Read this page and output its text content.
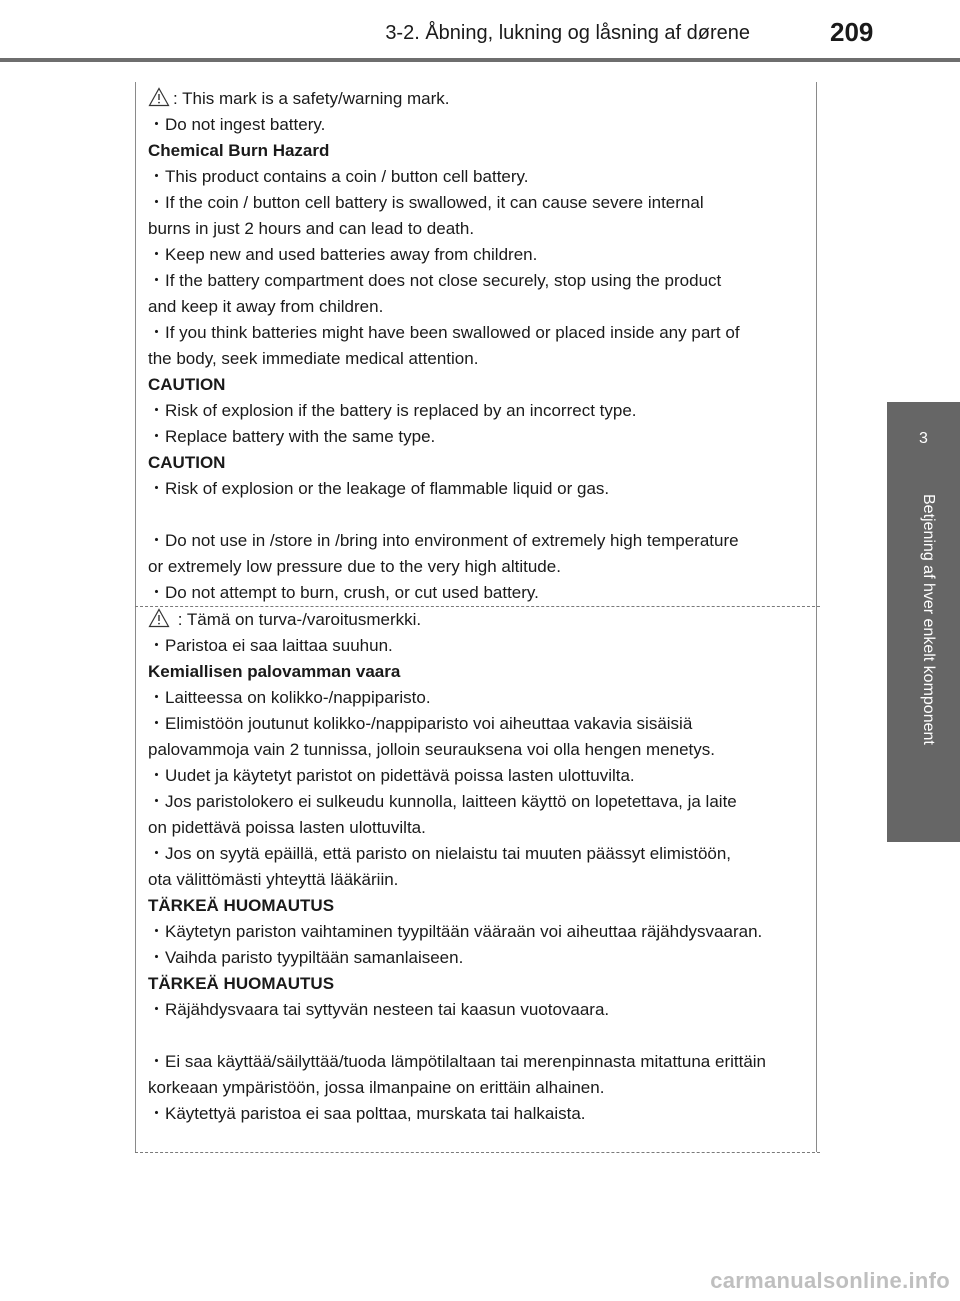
3-2. Åbning, lukning og låsning af dørene	209
3
Betjening af hver enkelt komponent
: This mark is a safety/warning mark.
・Do not ingest battery.
Chemical Burn Hazard
・This product contains a coin / button cell battery.
・If the coin / button cell battery is swallowed, it can cause severe internal
burns in just 2 hours and can lead to death.
・Keep new and used batteries away from children.
・If the battery compartment does not close securely, stop using the product
and keep it away from children.
・If you think batteries might have been swallowed or placed inside any part of
the body, seek immediate medical attention.
CAUTION
・Risk of explosion if the battery is replaced by an incorrect type.
・Replace battery with the same type.
CAUTION
・Risk of explosion or the leakage of flammable liquid or gas.
・Do not use in /store in /bring into environment of extremely high temperature
or extremely low pressure due to the very high altitude.
・Do not attempt to burn, crush, or cut used battery.
: Tämä on turva-/varoitusmerkki.
・Paristoa ei saa laittaa suuhun.
Kemiallisen palovamman vaara
・Laitteessa on kolikko-/nappiparisto.
・Elimistöön joutunut kolikko-/nappiparisto voi aiheuttaa vakavia sisäisiä
palovammoja vain 2 tunnissa, jolloin seurauksena voi olla hengen menetys.
・Uudet ja käytetyt paristot on pidettävä poissa lasten ulottuvilta.
・Jos paristolokero ei sulkeudu kunnolla, laitteen käyttö on lopetettava, ja laite
on pidettävä poissa lasten ulottuvilta.
・Jos on syytä epäillä, että paristo on nielaistu tai muuten päässyt elimistöön,
ota välittömästi yhteyttä lääkäriin.
TÄRKEÄ HUOMAUTUS
・Käytetyn pariston vaihtaminen tyypiltään vääraän voi aiheuttaa räjähdysvaaran.
・Vaihda paristo tyypiltään samanlaiseen.
TÄRKEÄ HUOMAUTUS
・Räjähdysvaara tai syttyvän nesteen tai kaasun vuotovaara.
・Ei saa käyttää/säilyttää/tuoda lämpötilaltaan tai merenpinnasta mitattuna erittäin
korkeaan ympäristöön, jossa ilmanpaine on erittäin alhainen.
・Käytettyä paristoa ei saa polttaa, murskata tai halkaista.
carmanualsonline.info
